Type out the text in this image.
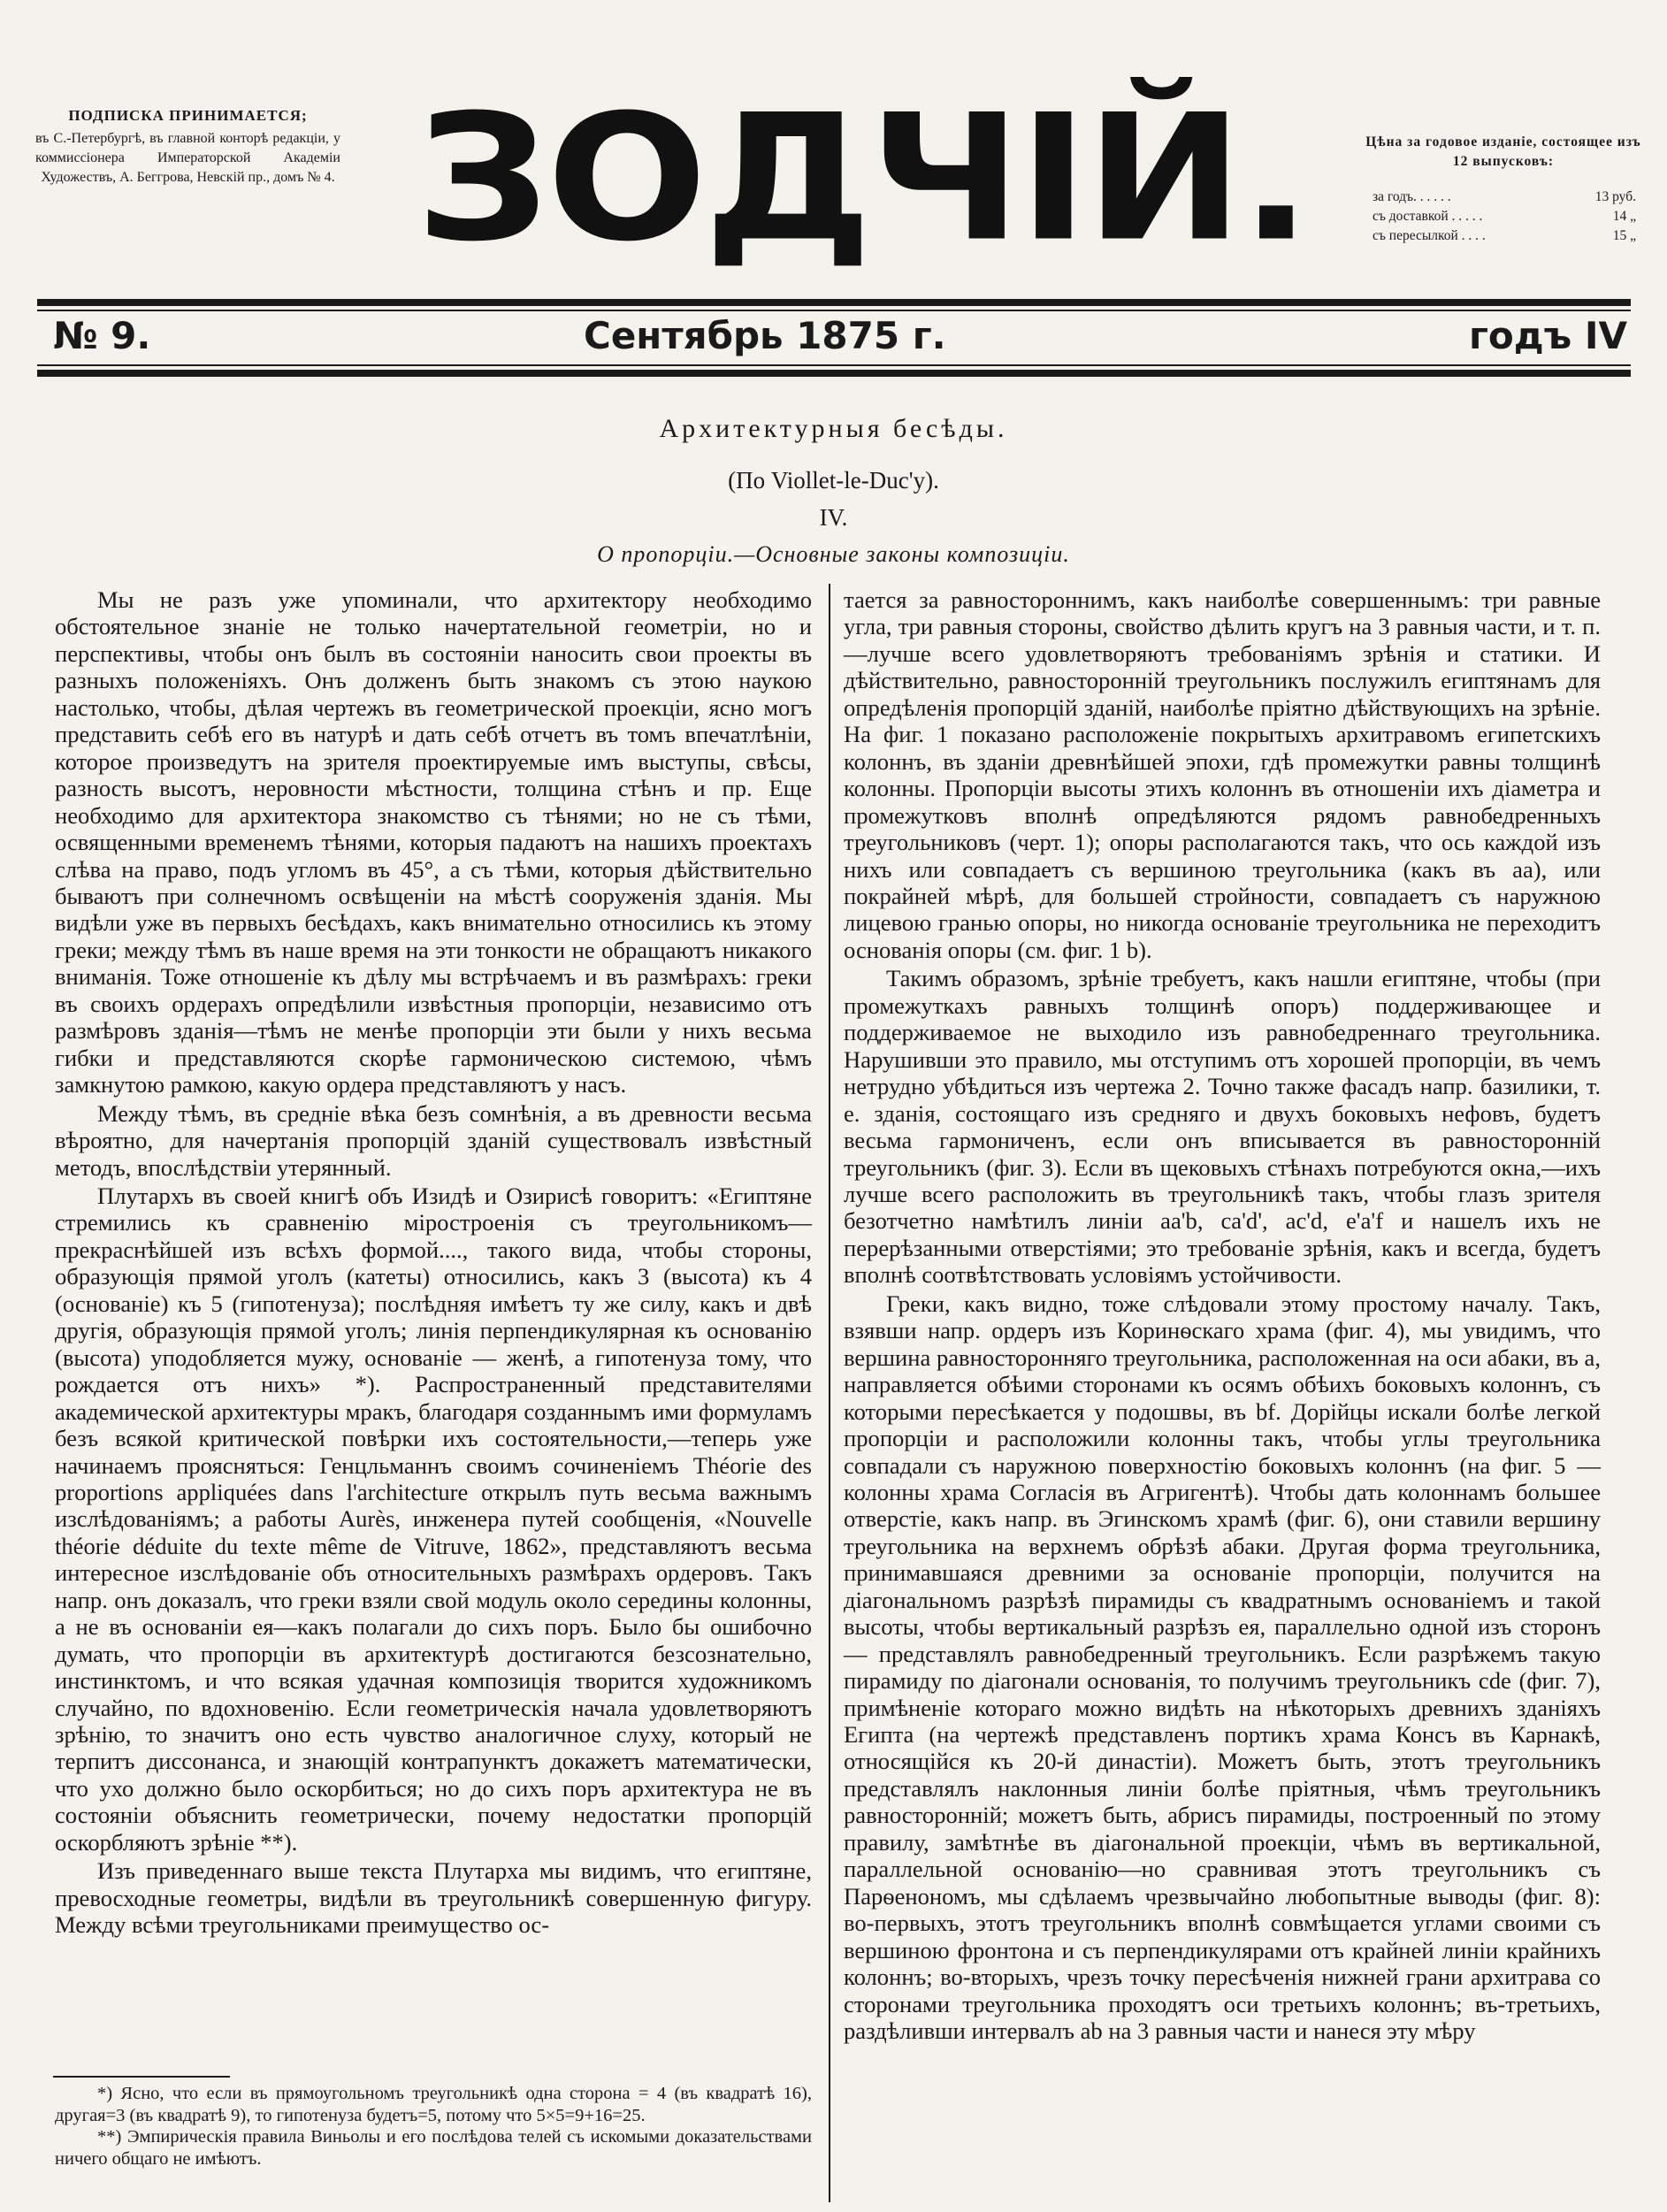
ПОДПИСКА ПРИНИМАЕТСЯ;
въ С.-Петербургѣ, въ главной конторѣ редакціи, у коммиссіонера Императорской Академіи Художествъ, А. Беггрова, Невскій пр., домъ № 4. ЗОДЧІЙ.	Цѣна за годовое изданіе, состоящее изъ 12 выпусковъ:
за годъ. . . . . .	13 руб.
съ доставкой . . . . .	14 „
съ пересылкой . . . .	15 „
№ 9.	Сентябрь 1875 г.	годъ IV
Архитектурныя бесѣды.
(По Viollet-le-Duc'y).
IV.
О пропорціи.—Основные законы композиціи.

Мы не разъ уже упоминали, что архитектору необходимо обстоятельное знаніе не только начертательной геометріи, но и перспективы, чтобы онъ былъ въ состояніи наносить свои проекты въ разныхъ положеніяхъ. Онъ долженъ быть знакомъ съ этою наукою настолько, чтобы, дѣлая чертежъ въ геометрической проекціи, ясно могъ представить себѣ его въ натурѣ и дать себѣ отчетъ въ томъ впечатлѣніи, которое произведутъ на зрителя проектируемые имъ выступы, свѣсы, разность высотъ, неровности мѣстности, толщина стѣнъ и пр. Еще необходимо для архитектора знакомство съ тѣнями; но не съ тѣми, освященными временемъ тѣнями, которыя падаютъ на нашихъ проектахъ слѣва на право, подъ угломъ въ 45°, а съ тѣми, которыя дѣйствительно бываютъ при солнечномъ освѣщеніи на мѣстѣ сооруженія зданія. Мы видѣли уже въ первыхъ бесѣдахъ, какъ внимательно относились къ этому греки; между тѣмъ въ наше время на эти тонкости не обращаютъ никакого вниманія. Тоже отношеніе къ дѣлу мы встрѣчаемъ и въ размѣрахъ: греки въ своихъ ордерахъ опредѣлили извѣстныя пропорціи, независимо отъ размѣровъ зданія—тѣмъ не менѣе пропорціи эти были у нихъ весьма гибки и представляются скорѣе гармоническою системою, чѣмъ замкнутою рамкою, какую ордера представляютъ у насъ.

Между тѣмъ, въ средніе вѣка безъ сомнѣнія, а въ древности весьма вѣроятно, для начертанія пропорцій зданій существовалъ извѣстный методъ, впослѣдствіи утерянный.

Плутархъ въ своей книгѣ объ Изидѣ и Озирисѣ говоритъ: «Египтяне стремились къ сравненію міростроенія съ треугольникомъ—прекраснѣйшей изъ всѣхъ формой...., такого вида, чтобы стороны, образующія прямой уголъ (катеты) относились, какъ 3 (высота) къ 4 (основаніе) къ 5 (гипотенуза); послѣдняя имѣетъ ту же силу, какъ и двѣ другія, образующія прямой уголъ; линія перпендикулярная къ основанію (высота) уподобляется мужу, основаніе — женѣ, а гипотенуза тому, что рождается отъ нихъ» *). Распространенный представителями академической архитектуры мракъ, благодаря созданнымъ ими формуламъ безъ всякой критической повѣрки ихъ состоятельности,—теперь уже начинаемъ проясняться: Генцльманнъ своимъ сочиненіемъ Théorie des proportions appliquées dans l'architecture открылъ путь весьма важнымъ изслѣдованіямъ; а работы Aurès, инженера путей сообщенія, «Nouvelle théorie déduite du texte même de Vitruve, 1862», представляютъ весьма интересное изслѣдованіе объ относительныхъ размѣрахъ ордеровъ. Такъ напр. онъ доказалъ, что греки взяли свой модуль около середины колонны, а не въ основаніи ея—какъ полагали до сихъ поръ. Было бы ошибочно думать, что пропорціи въ архитектурѣ достигаются безсознательно, инстинктомъ, и что всякая удачная композиція творится художникомъ случайно, по вдохновенію. Если геометрическія начала удовлетворяютъ зрѣнію, то значитъ оно есть чувство аналогичное слуху, который не терпитъ диссонанса, и знающій контрапунктъ докажетъ математически, что ухо должно было оскорбиться; но до сихъ поръ архитектура не въ состояніи объяснить геометрически, почему недостатки пропорцій оскорбляютъ зрѣніе **).

Изъ приведеннаго выше текста Плутарха мы видимъ, что египтяне, превосходные геометры, видѣли въ треугольникѣ совершенную фигуру. Между всѣми треугольниками преимущество ос-

*) Ясно, что если въ прямоугольномъ треугольникѣ одна сторона = 4 (въ квадратѣ 16), другая=3 (въ квадратѣ 9), то гипотенуза будетъ=5, потому что 5×5=9+16=25.

**) Эмпирическія правила Виньолы и его послѣдова телей съ искомыми доказательствами ничего общаго не имѣютъ.

тается за равностороннимъ, какъ наиболѣе совершеннымъ: три равные угла, три равныя стороны, свойство дѣлить кругъ на 3 равныя части, и т. п.—лучше всего удовлетворяютъ требованіямъ зрѣнія и статики. И дѣйствительно, равносторонній треугольникъ послужилъ египтянамъ для опредѣленія пропорцій зданій, наиболѣе пріятно дѣйствующихъ на зрѣніе. На фиг. 1 показано расположеніе покрытыхъ архитравомъ египетскихъ колоннъ, въ зданіи древнѣйшей эпохи, гдѣ промежутки равны толщинѣ колонны. Пропорціи высоты этихъ колоннъ въ отношеніи ихъ діаметра и промежутковъ вполнѣ опредѣляются рядомъ равнобедренныхъ треугольниковъ (черт. 1); опоры располагаются такъ, что ось каждой изъ нихъ или совпадаетъ съ вершиною треугольника (какъ въ aa), или покрайней мѣрѣ, для большей стройности, совпадаетъ съ наружною лицевою гранью опоры, но никогда основаніе треугольника не переходитъ основанія опоры (см. фиг. 1 b).

Такимъ образомъ, зрѣніе требуетъ, какъ нашли египтяне, чтобы (при промежуткахъ равныхъ толщинѣ опоръ) поддерживающее и поддерживаемое не выходило изъ равнобедреннаго треугольника. Нарушивши это правило, мы отступимъ отъ хорошей пропорціи, въ чемъ нетрудно убѣдиться изъ чертежа 2. Точно также фасадъ напр. базилики, т. е. зданія, состоящаго изъ средняго и двухъ боковыхъ нефовъ, будетъ весьма гармониченъ, если онъ вписывается въ равносторонній треугольникъ (фиг. 3). Если въ щековыхъ стѣнахъ потребуются окна,—ихъ лучше всего расположить въ треугольникѣ такъ, чтобы глазъ зрителя безотчетно намѣтилъ линіи aa'b, ca'd', ac'd, e'a'f и нашелъ ихъ не перерѣзанными отверстіями; это требованіе зрѣнія, какъ и всегда, будетъ вполнѣ соотвѣтствовать условіямъ устойчивости.

Греки, какъ видно, тоже слѣдовали этому простому началу. Такъ, взявши напр. ордеръ изъ Коринѳскаго храма (фиг. 4), мы увидимъ, что вершина равносторонняго треугольника, расположенная на оси абаки, въ a, направляется обѣими сторонами къ осямъ обѣихъ боковыхъ колоннъ, съ которыми пересѣкается у подошвы, въ bf. Дорійцы искали болѣе легкой пропорціи и расположили колонны такъ, чтобы углы треугольника совпадали съ наружною поверхностію боковыхъ колоннъ (на фиг. 5 — колонны храма Согласія въ Агригентѣ). Чтобы дать колоннамъ большее отверстіе, какъ напр. въ Эгинскомъ храмѣ (фиг. 6), они ставили вершину треугольника на верхнемъ обрѣзѣ абаки. Другая форма треугольника, принимавшаяся древними за основаніе пропорціи, получится на діагональномъ разрѣзѣ пирамиды съ квадратнымъ основаніемъ и такой высоты, чтобы вертикальный разрѣзъ ея, параллельно одной изъ сторонъ — представлялъ равнобедренный треугольникъ. Если разрѣжемъ такую пирамиду по діагонали основанія, то получимъ треугольникъ cde (фиг. 7), примѣненіе котораго можно видѣть на нѣкоторыхъ древнихъ зданіяхъ Египта (на чертежѣ представленъ портикъ храма Консъ въ Карнакѣ, относящійся къ 20-й династіи). Можетъ быть, этотъ треугольникъ представлялъ наклонныя линіи болѣе пріятныя, чѣмъ треугольникъ равносторонній; можетъ быть, абрисъ пирамиды, построенный по этому правилу, замѣтнѣе въ діагональной проекціи, чѣмъ въ вертикальной, параллельной основанію—но сравнивая этотъ треугольникъ съ Парѳенономъ, мы сдѣлаемъ чрезвычайно любопытные выводы (фиг. 8): во-первыхъ, этотъ треугольникъ вполнѣ совмѣщается углами своими съ вершиною фронтона и съ перпендикулярами отъ крайней линіи крайнихъ колоннъ; во-вторыхъ, чрезъ точку пересѣченія нижней грани архитрава со сторонами треугольника проходятъ оси третьихъ колоннъ; въ-третьихъ, раздѣливши интервалъ ab на 3 равныя части и нанеся эту мѣру
